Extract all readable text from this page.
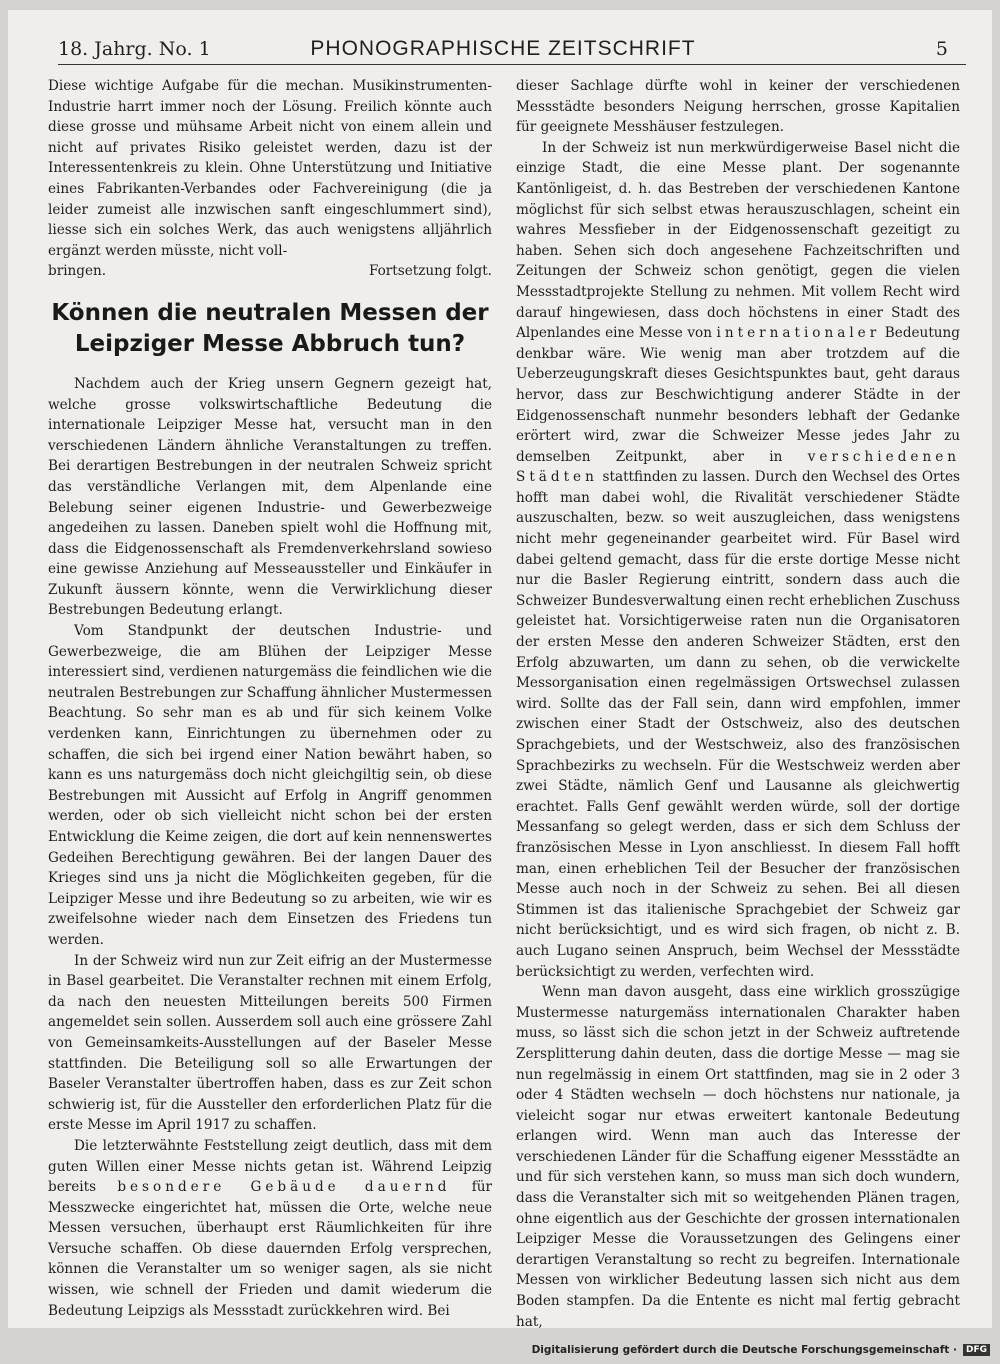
18. Jahrg. No. 1	PHONOGRAPHISCHE ZEITSCHRIFT	5

Diese wichtige Aufgabe für die mechan. Musikinstrumenten-Industrie harrt immer noch der Lösung. Freilich könnte auch diese grosse und mühsame Arbeit nicht von einem allein und nicht auf privates Risiko geleistet werden, dazu ist der Interessentenkreis zu klein. Ohne Unterstützung und Initiative eines Fabrikanten-Verbandes oder Fachvereinigung (die ja leider zumeist alle inzwischen sanft eingeschlummert sind), liesse sich ein solches Werk, das auch wenigstens alljährlich ergänzt werden müsste, nicht voll-

bringen.	Fortsetzung folgt.

Können die neutralen Messen der
Leipziger Messe Abbruch tun?

Nachdem auch der Krieg unsern Gegnern gezeigt hat, welche grosse volkswirtschaftliche Bedeutung die internationale Leipziger Messe hat, versucht man in den verschiedenen Ländern ähnliche Veranstaltungen zu treffen. Bei derartigen Bestrebungen in der neutralen Schweiz spricht das verständliche Verlangen mit, dem Alpenlande eine Belebung seiner eigenen Industrie- und Gewerbezweige angedeihen zu lassen. Daneben spielt wohl die Hoffnung mit, dass die Eidgenossenschaft als Fremdenverkehrsland sowieso eine gewisse Anziehung auf Messeaussteller und Einkäufer in Zukunft äussern könnte, wenn die Verwirklichung dieser Bestrebungen Bedeutung erlangt.

Vom Standpunkt der deutschen Industrie- und Gewerbezweige, die am Blühen der Leipziger Messe interessiert sind, verdienen naturgemäss die feindlichen wie die neutralen Bestrebungen zur Schaffung ähnlicher Mustermessen Beachtung. So sehr man es ab und für sich keinem Volke verdenken kann, Einrichtungen zu übernehmen oder zu schaffen, die sich bei irgend einer Nation bewährt haben, so kann es uns naturgemäss doch nicht gleichgiltig sein, ob diese Bestrebungen mit Aussicht auf Erfolg in Angriff genommen werden, oder ob sich vielleicht nicht schon bei der ersten Entwicklung die Keime zeigen, die dort auf kein nennenswertes Gedeihen Berechtigung gewähren. Bei der langen Dauer des Krieges sind uns ja nicht die Möglichkeiten gegeben, für die Leipziger Messe und ihre Bedeutung so zu arbeiten, wie wir es zweifelsohne wieder nach dem Einsetzen des Friedens tun werden.

In der Schweiz wird nun zur Zeit eifrig an der Mustermesse in Basel gearbeitet. Die Veranstalter rechnen mit einem Erfolg, da nach den neuesten Mitteilungen bereits 500 Firmen angemeldet sein sollen. Ausserdem soll auch eine grössere Zahl von Gemeinsamkeits-Ausstellungen auf der Baseler Messe stattfinden. Die Beteiligung soll so alle Erwartungen der Baseler Veranstalter übertroffen haben, dass es zur Zeit schon schwierig ist, für die Aussteller den erforderlichen Platz für die erste Messe im April 1917 zu schaffen.

Die letzterwähnte Feststellung zeigt deutlich, dass mit dem guten Willen einer Messe nichts getan ist. Während Leipzig bereits besondere Gebäude dauernd für Messzwecke eingerichtet hat, müssen die Orte, welche neue Messen versuchen, überhaupt erst Räumlichkeiten für ihre Versuche schaffen. Ob diese dauernden Erfolg versprechen, können die Veranstalter um so weniger sagen, als sie nicht wissen, wie schnell der Frieden und damit wiederum die Bedeutung Leipzigs als Messstadt zurückkehren wird. Bei

dieser Sachlage dürfte wohl in keiner der verschiedenen Messstädte besonders Neigung herrschen, grosse Kapitalien für geeignete Messhäuser festzulegen.

In der Schweiz ist nun merkwürdigerweise Basel nicht die einzige Stadt, die eine Messe plant. Der sogenannte Kantönligeist, d. h. das Bestreben der verschiedenen Kantone möglichst für sich selbst etwas herauszuschlagen, scheint ein wahres Messfieber in der Eidgenossenschaft gezeitigt zu haben. Sehen sich doch angesehene Fachzeitschriften und Zeitungen der Schweiz schon genötigt, gegen die vielen Messstadtprojekte Stellung zu nehmen. Mit vollem Recht wird darauf hingewiesen, dass doch höchstens in einer Stadt des Alpenlandes eine Messe von internationaler Bedeutung denkbar wäre. Wie wenig man aber trotzdem auf die Ueberzeugungskraft dieses Gesichtspunktes baut, geht daraus hervor, dass zur Beschwichtigung anderer Städte in der Eidgenossenschaft nunmehr besonders lebhaft der Gedanke erörtert wird, zwar die Schweizer Messe jedes Jahr zu demselben Zeitpunkt, aber in verschiedenen Städten stattfinden zu lassen. Durch den Wechsel des Ortes hofft man dabei wohl, die Rivalität verschiedener Städte auszuschalten, bezw. so weit auszugleichen, dass wenigstens nicht mehr gegeneinander gearbeitet wird. Für Basel wird dabei geltend gemacht, dass für die erste dortige Messe nicht nur die Basler Regierung eintritt, sondern dass auch die Schweizer Bundesverwaltung einen recht erheblichen Zuschuss geleistet hat. Vorsichtigerweise raten nun die Organisatoren der ersten Messe den anderen Schweizer Städten, erst den Erfolg abzuwarten, um dann zu sehen, ob die verwickelte Messorganisation einen regelmässigen Ortswechsel zulassen wird. Sollte das der Fall sein, dann wird empfohlen, immer zwischen einer Stadt der Ostschweiz, also des deutschen Sprachgebiets, und der Westschweiz, also des französischen Sprachbezirks zu wechseln. Für die Westschweiz werden aber zwei Städte, nämlich Genf und Lausanne als gleichwertig erachtet. Falls Genf gewählt werden würde, soll der dortige Messanfang so gelegt werden, dass er sich dem Schluss der französischen Messe in Lyon anschliesst. In diesem Fall hofft man, einen erheblichen Teil der Besucher der französischen Messe auch noch in der Schweiz zu sehen. Bei all diesen Stimmen ist das italienische Sprachgebiet der Schweiz gar nicht berücksichtigt, und es wird sich fragen, ob nicht z. B. auch Lugano seinen Anspruch, beim Wechsel der Messstädte berücksichtigt zu werden, verfechten wird.

Wenn man davon ausgeht, dass eine wirklich grosszügige Mustermesse naturgemäss internationalen Charakter haben muss, so lässt sich die schon jetzt in der Schweiz auftretende Zersplitterung dahin deuten, dass die dortige Messe — mag sie nun regelmässig in einem Ort stattfinden, mag sie in 2 oder 3 oder 4 Städten wechseln — doch höchstens nur nationale, ja vieleicht sogar nur etwas erweitert kantonale Bedeutung erlangen wird. Wenn man auch das Interesse der verschiedenen Länder für die Schaffung eigener Messstädte an und für sich verstehen kann, so muss man sich doch wundern, dass die Veranstalter sich mit so weitgehenden Plänen tragen, ohne eigentlich aus der Geschichte der grossen internationalen Leipziger Messe die Voraussetzungen des Gelingens einer derartigen Veranstaltung so recht zu begreifen. Internationale Messen von wirklicher Bedeutung lassen sich nicht aus dem Boden stampfen. Da die Entente es nicht mal fertig gebracht hat,

Digitalisierung gefördert durch die Deutsche Forschungsgemeinschaft ·	DFG
